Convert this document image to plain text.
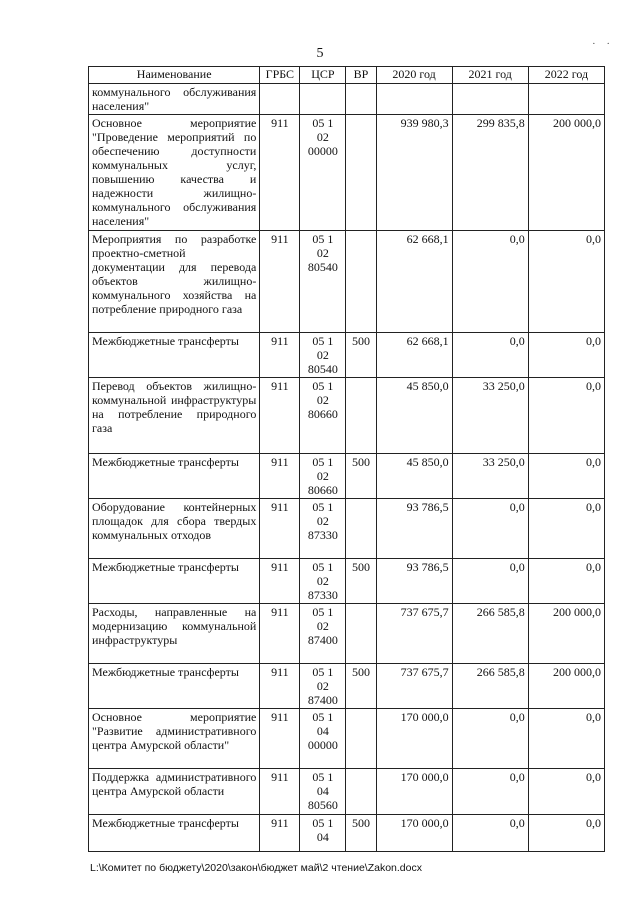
5
· ·
Наименование	ГРБС	ЦСР	ВР	2020 год	2021 год	2022 год
коммунального обслуживания населения"						
Основное мероприятие "Проведение мероприятий по обеспечению доступности коммунальных услуг, повышению качества и надежности жилищно-коммунального обслуживания населения"	911	05 1
02
00000		939 980,3	299 835,8	200 000,0
Мероприятия по разработке проектно-сметной документации для перевода объектов жилищно-коммунального хозяйства на потребление природного газа	911	05 1
02
80540		62 668,1	0,0	0,0
Межбюджетные трансферты	911	05 1
02
80540	500	62 668,1	0,0	0,0
Перевод объектов жилищно-коммунальной инфраструктуры на потребление природного газа	911	05 1
02
80660		45 850,0	33 250,0	0,0
Межбюджетные трансферты	911	05 1
02
80660	500	45 850,0	33 250,0	0,0
Оборудование контейнерных площадок для сбора твердых коммунальных отходов	911	05 1
02
87330		93 786,5	0,0	0,0
Межбюджетные трансферты	911	05 1
02
87330	500	93 786,5	0,0	0,0
Расходы, направленные на модернизацию коммунальной инфраструктуры	911	05 1
02
87400		737 675,7	266 585,8	200 000,0
Межбюджетные трансферты	911	05 1
02
87400	500	737 675,7	266 585,8	200 000,0
Основное мероприятие "Развитие административного центра Амурской области"	911	05 1
04
00000		170 000,0	0,0	0,0
Поддержка административного центра Амурской области	911	05 1
04
80560		170 000,0	0,0	0,0
Межбюджетные трансферты	911	05 1
04	500	170 000,0	0,0	0,0
L:\Комитет по бюджету\2020\закон\бюджет май\2 чтение\Zakon.docx
